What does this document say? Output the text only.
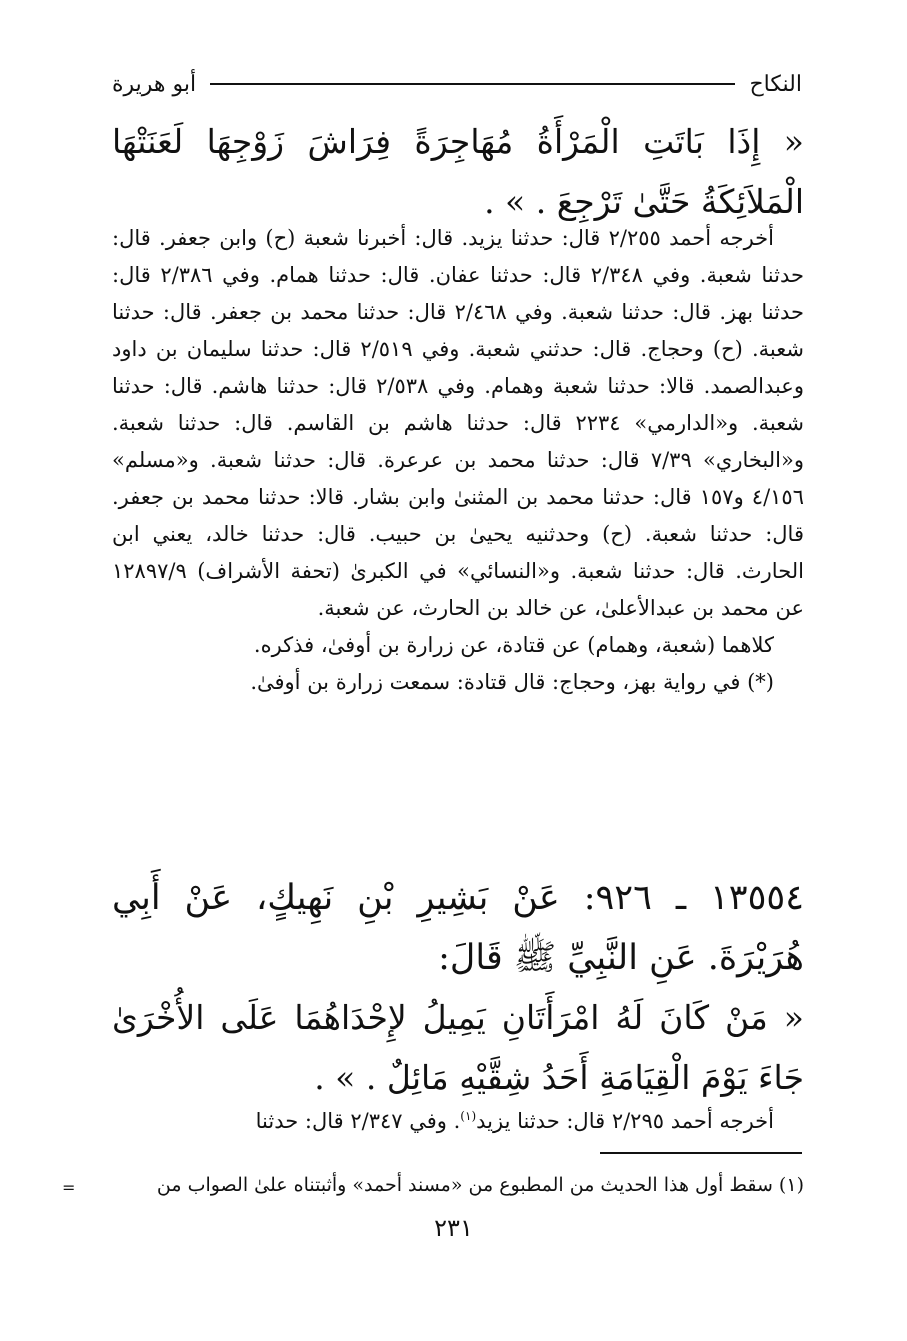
النكاح
أبو هريرة
« إِذَا بَاتَتِ الْمَرْأَةُ مُهَاجِرَةً فِرَاشَ زَوْجِهَا لَعَنَتْهَا الْمَلاَئِكَةُ حَتَّىٰ تَرْجِعَ . » .

أخرجه أحمد ٢/٢٥٥ قال: حدثنا يزيد. قال: أخبرنا شعبة (ح) وابن جعفر. قال: حدثنا شعبة. وفي ٢/٣٤٨ قال: حدثنا عفان. قال: حدثنا همام. وفي ٢/٣٨٦ قال: حدثنا بهز. قال: حدثنا شعبة. وفي ٢/٤٦٨ قال: حدثنا محمد بن جعفر. قال: حدثنا شعبة. (ح) وحجاج. قال: حدثني شعبة. وفي ٢/٥١٩ قال: حدثنا سليمان بن داود وعبدالصمد. قالا: حدثنا شعبة وهمام. وفي ٢/٥٣٨ قال: حدثنا هاشم. قال: حدثنا شعبة. و«الدارمي» ٢٢٣٤ قال: حدثنا هاشم بن القاسم. قال: حدثنا شعبة. و«البخاري» ٧/٣٩ قال: حدثنا محمد بن عرعرة. قال: حدثنا شعبة. و«مسلم» ٤/١٥٦ و١٥٧ قال: حدثنا محمد بن المثنىٰ وابن بشار. قالا: حدثنا محمد بن جعفر. قال: حدثنا شعبة. (ح) وحدثنيه يحيىٰ بن حبيب. قال: حدثنا خالد، يعني ابن الحارث. قال: حدثنا شعبة. و«النسائي» في الكبرىٰ (تحفة الأشراف) ١٢٨٩٧/٩ عن محمد بن عبدالأعلىٰ، عن خالد بن الحارث، عن شعبة.

كلاهما (شعبة، وهمام) عن قتادة، عن زرارة بن أوفىٰ، فذكره.

(*) في رواية بهز، وحجاج: قال قتادة: سمعت زرارة بن أوفىٰ.

١٣٥٥٤ ـ ٩٢٦: عَنْ بَشِيرِ بْنِ نَهِيكٍ، عَنْ أَبِي هُرَيْرَةَ. عَنِ النَّبِيِّ ﷺ قَالَ:
« مَنْ كَانَ لَهُ امْرَأَتَانِ يَمِيلُ لإِحْدَاهُمَا عَلَى الأُخْرَىٰ جَاءَ يَوْمَ الْقِيَامَةِ أَحَدُ شِقَّيْهِ مَائِلٌ . » .

أخرجه أحمد ٢/٢٩٥ قال: حدثنا يزيد$^{(١)}$. وفي ٢/٣٤٧ قال: حدثنا

(١) سقط أول هذا الحديث من المطبوع من «مسند أحمد» وأثبتناه علىٰ الصواب من
=
٢٣١
